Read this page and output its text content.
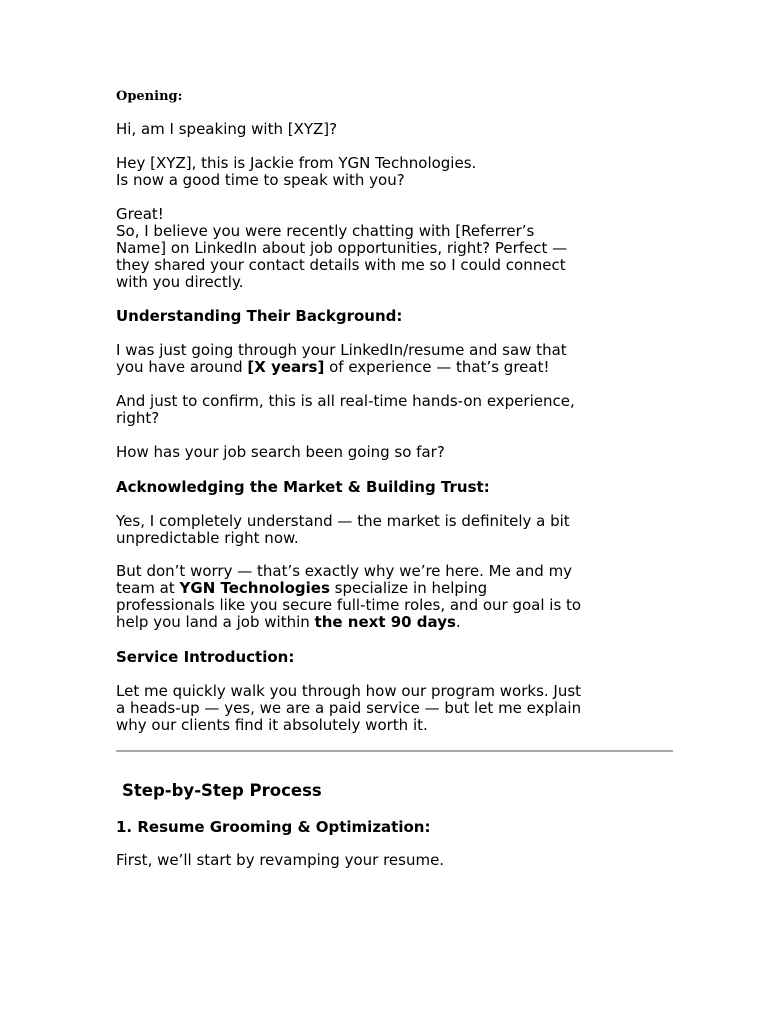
Opening:
Hi, am I speaking with [XYZ]?
Hey [XYZ], this is Jackie from YGN Technologies.
Is now a good time to speak with you?
Great!
So, I believe you were recently chatting with [Referrer’s
Name] on LinkedIn about job opportunities, right? Perfect —
they shared your contact details with me so I could connect
with you directly.
Understanding Their Background:
I was just going through your LinkedIn/resume and saw that
you have around [X years] of experience — that’s great!
And just to confirm, this is all real-time hands-on experience,
right?
How has your job search been going so far?
Acknowledging the Market & Building Trust:
Yes, I completely understand — the market is definitely a bit
unpredictable right now.
But don’t worry — that’s exactly why we’re here. Me and my
team at YGN Technologies specialize in helping
professionals like you secure full-time roles, and our goal is to
help you land a job within the next 90 days.
Service Introduction:
Let me quickly walk you through how our program works. Just
a heads-up — yes, we are a paid service — but let me explain
why our clients find it absolutely worth it.
Step-by-Step Process
1. Resume Grooming & Optimization:
First, we’ll start by revamping your resume.
